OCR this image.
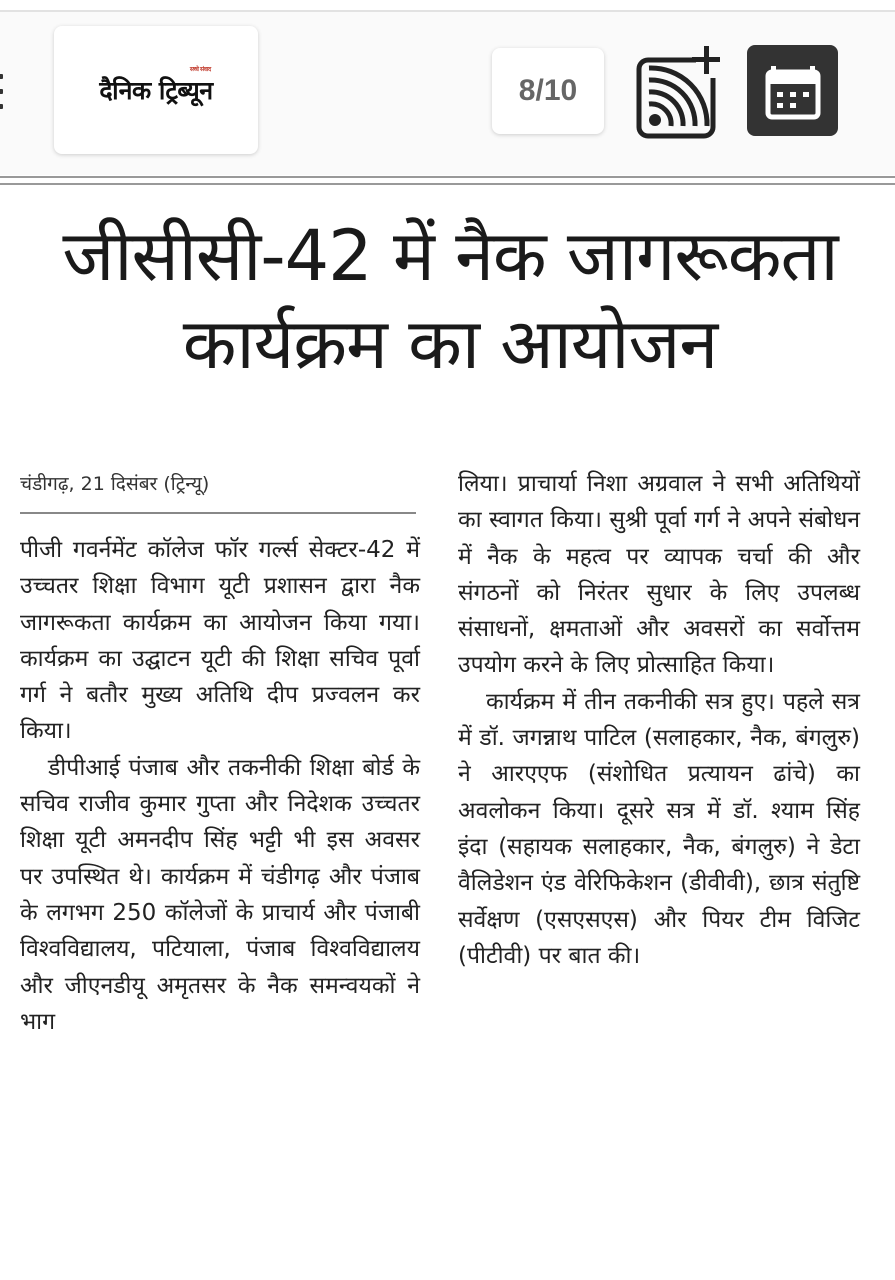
दैनिक ट्रिब्यून
सच्चे संवाद
8/10
जीसीसी-42 में नैक जागरूकता
कार्यक्रम का आयोजन
चंडीगढ़, 21 दिसंबर (ट्रिन्यू)

पीजी गवर्नमेंट कॉलेज फॉर गर्ल्स सेक्टर-42 में उच्चतर शिक्षा विभाग यूटी प्रशासन द्वारा नैक जागरूकता कार्यक्रम का आयोजन किया गया। कार्यक्रम का उद्घाटन यूटी की शिक्षा सचिव पूर्वा गर्ग ने बतौर मुख्य अतिथि दीप प्रज्वलन कर किया।

डीपीआई पंजाब और तकनीकी शिक्षा बोर्ड के सचिव राजीव कुमार गुप्ता और निदेशक उच्चतर शिक्षा यूटी अमनदीप सिंह भट्टी भी इस अवसर पर उपस्थित थे। कार्यक्रम में चंडीगढ़ और पंजाब के लगभग 250 कॉलेजों के प्राचार्य और पंजाबी विश्वविद्यालय, पटियाला, पंजाब विश्वविद्यालय और जीएनडीयू अमृतसर के नैक समन्वयकों ने भाग

लिया। प्राचार्या निशा अग्रवाल ने सभी अतिथियों का स्वागत किया। सुश्री पूर्वा गर्ग ने अपने संबोधन में नैक के महत्व पर व्यापक चर्चा की और संगठनों को निरंतर सुधार के लिए उपलब्ध संसाधनों, क्षमताओं और अवसरों का सर्वोत्तम उपयोग करने के लिए प्रोत्साहित किया।

कार्यक्रम में तीन तकनीकी सत्र हुए। पहले सत्र में डॉ. जगन्नाथ पाटिल (सलाहकार, नैक, बंगलुरु) ने आरएएफ (संशोधित प्रत्यायन ढांचे) का अवलोकन किया। दूसरे सत्र में डॉ. श्याम सिंह इंदा (सहायक सलाहकार, नैक, बंगलुरु) ने डेटा वैलिडेशन एंड वेरिफिकेशन (डीवीवी), छात्र संतुष्टि सर्वेक्षण (एसएसएस) और पियर टीम विजिट (पीटीवी) पर बात की।
